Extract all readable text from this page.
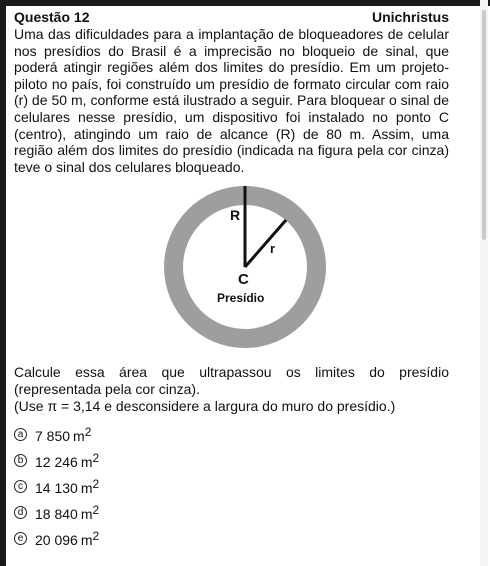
Questão 12	Unichristus

Uma das dificuldades para a implantação de bloqueadores de celular nos presídios do Brasil é a imprecisão no bloqueio de sinal, que poderá atingir regiões além dos limites do presídio. Em um projeto-piloto no país, foi construído um presídio de formato circular com raio (r) de 50 m, conforme está ilustrado a seguir. Para bloquear o sinal de celulares nesse presídio, um dispositivo foi instalado no ponto C (centro), atingindo um raio de alcance (R) de 80 m. Assim, uma região além dos limites do presídio (indicada na figura pela cor cinza) teve o sinal dos celulares bloqueado.

R
r
C
Presídio
Calcule essa área que ultrapassou os limites do presídio
(representada pela cor cinza).
(Use π = 3,14 e desconsidere a largura do muro do presídio.)
a 7 850 $m^2$
b 12 246 $m^2$
c 14 130 $m^2$
d 18 840 $m^2$
e 20 096 $m^2$
